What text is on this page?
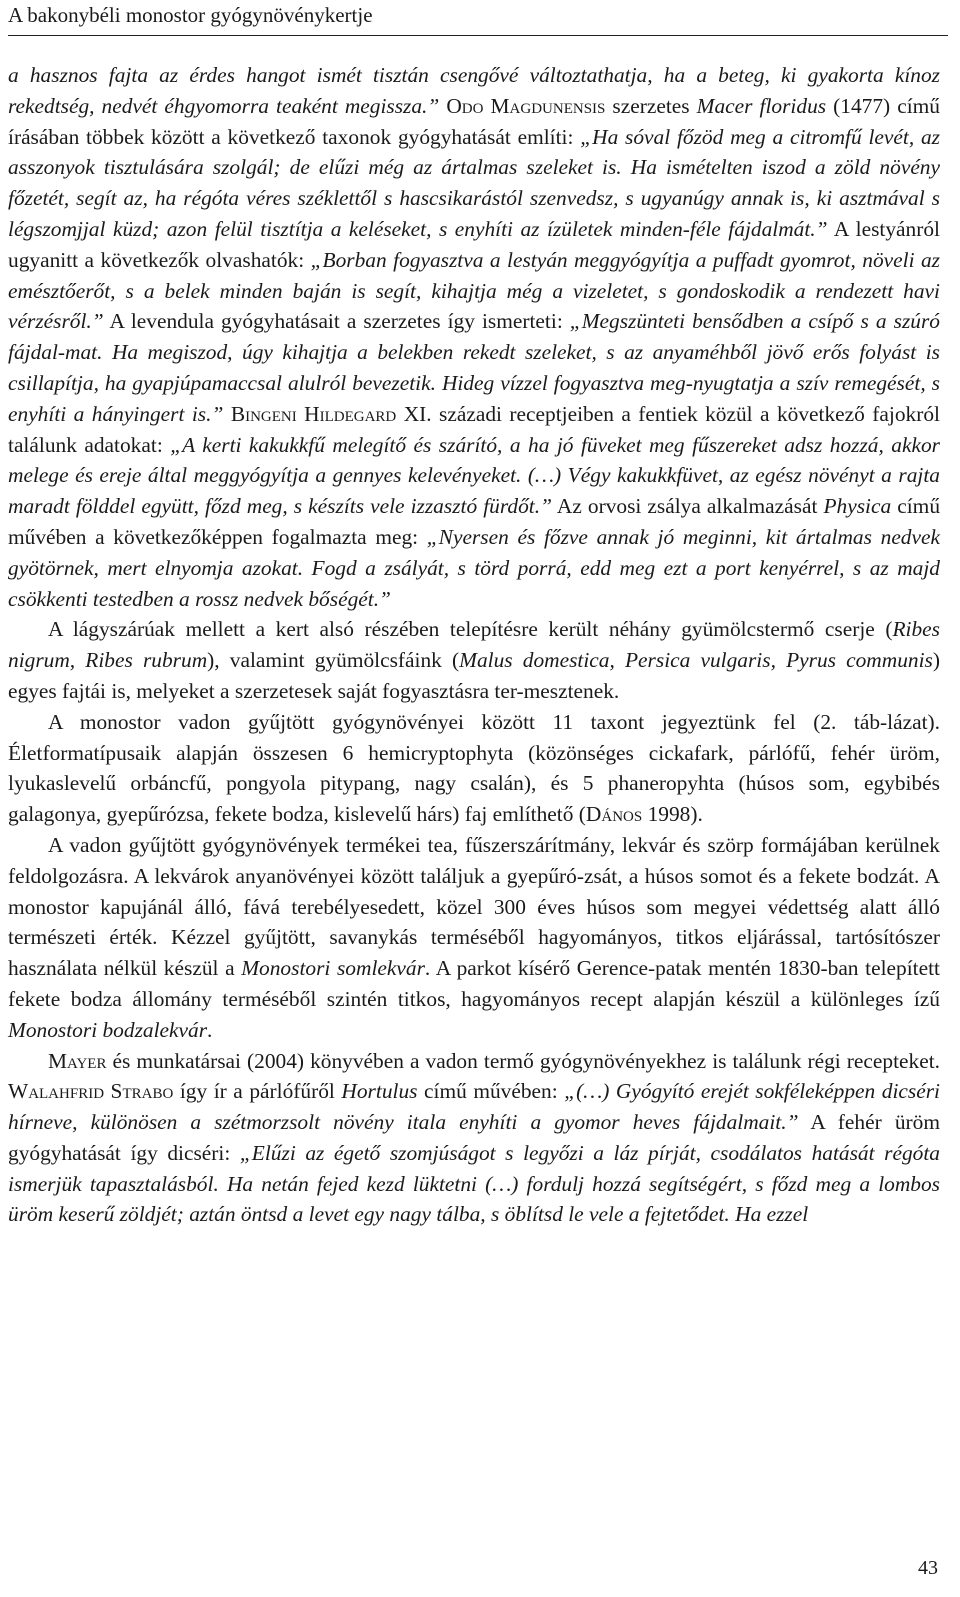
A bakonybéli monostor gyógynövénykertje

a hasznos fajta az érdes hangot ismét tisztán csengővé változtathatja, ha a beteg, ki gyakorta kínoz rekedtség, nedvét éhgyomorra teaként megissza.” Odo Magdunensis szerzetes Macer floridus (1477) című írásában többek között a következő taxonok gyógyhatását említi: „Ha sóval főzöd meg a citromfű levét, az asszonyok tisztulására szolgál; de elűzi még az ártalmas szeleket is. Ha ismételten iszod a zöld növény főzetét, segít az, ha régóta véres széklettől s hascsikarástól szenvedsz, s ugyanúgy annak is, ki asztmával s légszomjjal küzd; azon felül tisztítja a keléseket, s enyhíti az ízületek minden-féle fájdalmát.” A lestyánról ugyanitt a következők olvashatók: „Borban fogyasztva a lestyán meggyógyítja a puffadt gyomrot, növeli az emésztőerőt, s a belek minden baján is segít, kihajtja még a vizeletet, s gondoskodik a rendezett havi vérzésről.” A levendula gyógyhatásait a szerzetes így ismerteti: „Megszünteti bensődben a csípő s a szúró fájdal-mat. Ha megiszod, úgy kihajtja a belekben rekedt szeleket, s az anyaméhből jövő erős folyást is csillapítja, ha gyapjúpamaccsal alulról bevezetik. Hideg vízzel fogyasztva meg-nyugtatja a szív remegését, s enyhíti a hányingert is.” Bingeni Hildegard XI. századi receptjeiben a fentiek közül a következő fajokról találunk adatokat: „A kerti kakukkfű melegítő és szárító, a ha jó füveket meg fűszereket adsz hozzá, akkor melege és ereje által meggyógyítja a gennyes kelevényeket. (…) Végy kakukkfüvet, az egész növényt a rajta maradt földdel együtt, főzd meg, s készíts vele izzasztó fürdőt.” Az orvosi zsálya alkalmazását Physica című művében a következőképpen fogalmazta meg: „Nyersen és főzve annak jó meginni, kit ártalmas nedvek gyötörnek, mert elnyomja azokat. Fogd a zsályát, s törd porrá, edd meg ezt a port kenyérrel, s az majd csökkenti testedben a rossz nedvek bőségét.”

A lágyszárúak mellett a kert alsó részében telepítésre került néhány gyümölcstermő cserje (Ribes nigrum, Ribes rubrum), valamint gyümölcsfáink (Malus domestica, Persica vulgaris, Pyrus communis) egyes fajtái is, melyeket a szerzetesek saját fogyasztásra ter-mesztenek.

A monostor vadon gyűjtött gyógynövényei között 11 taxont jegyeztünk fel (2. táb-lázat). Életformatípusaik alapján összesen 6 hemicryptophyta (közönséges cickafark, párlófű, fehér üröm, lyukaslevelű orbáncfű, pongyola pitypang, nagy csalán), és 5 phaneropyhta (húsos som, egybibés galagonya, gyepűrózsa, fekete bodza, kislevelű hárs) faj említhető (Dános 1998).

A vadon gyűjtött gyógynövények termékei tea, fűszerszárítmány, lekvár és szörp formájában kerülnek feldolgozásra. A lekvárok anyanövényei között találjuk a gyepűró-zsát, a húsos somot és a fekete bodzát. A monostor kapujánál álló, fává terebélyesedett, közel 300 éves húsos som megyei védettség alatt álló természeti érték. Kézzel gyűjtött, savanykás terméséből hagyományos, titkos eljárással, tartósítószer használata nélkül készül a Monostori somlekvár. A parkot kísérő Gerence-patak mentén 1830-ban telepített fekete bodza állomány terméséből szintén titkos, hagyományos recept alapján készül a különleges ízű Monostori bodzalekvár.

Mayer és munkatársai (2004) könyvében a vadon termő gyógynövényekhez is találunk régi recepteket. Walahfrid Strabo így ír a párlófűről Hortulus című művében: „(…) Gyógyító erejét sokféleképpen dicséri hírneve, különösen a szétmorzsolt növény itala enyhíti a gyomor heves fájdalmait.” A fehér üröm gyógyhatását így dicséri: „Elűzi az égető szomjúságot s legyőzi a láz pírját, csodálatos hatását régóta ismerjük tapasztalásból. Ha netán fejed kezd lüktetni (…) fordulj hozzá segítségért, s főzd meg a lombos üröm keserű zöldjét; aztán öntsd a levet egy nagy tálba, s öblítsd le vele a fejtetődet. Ha ezzel

43
